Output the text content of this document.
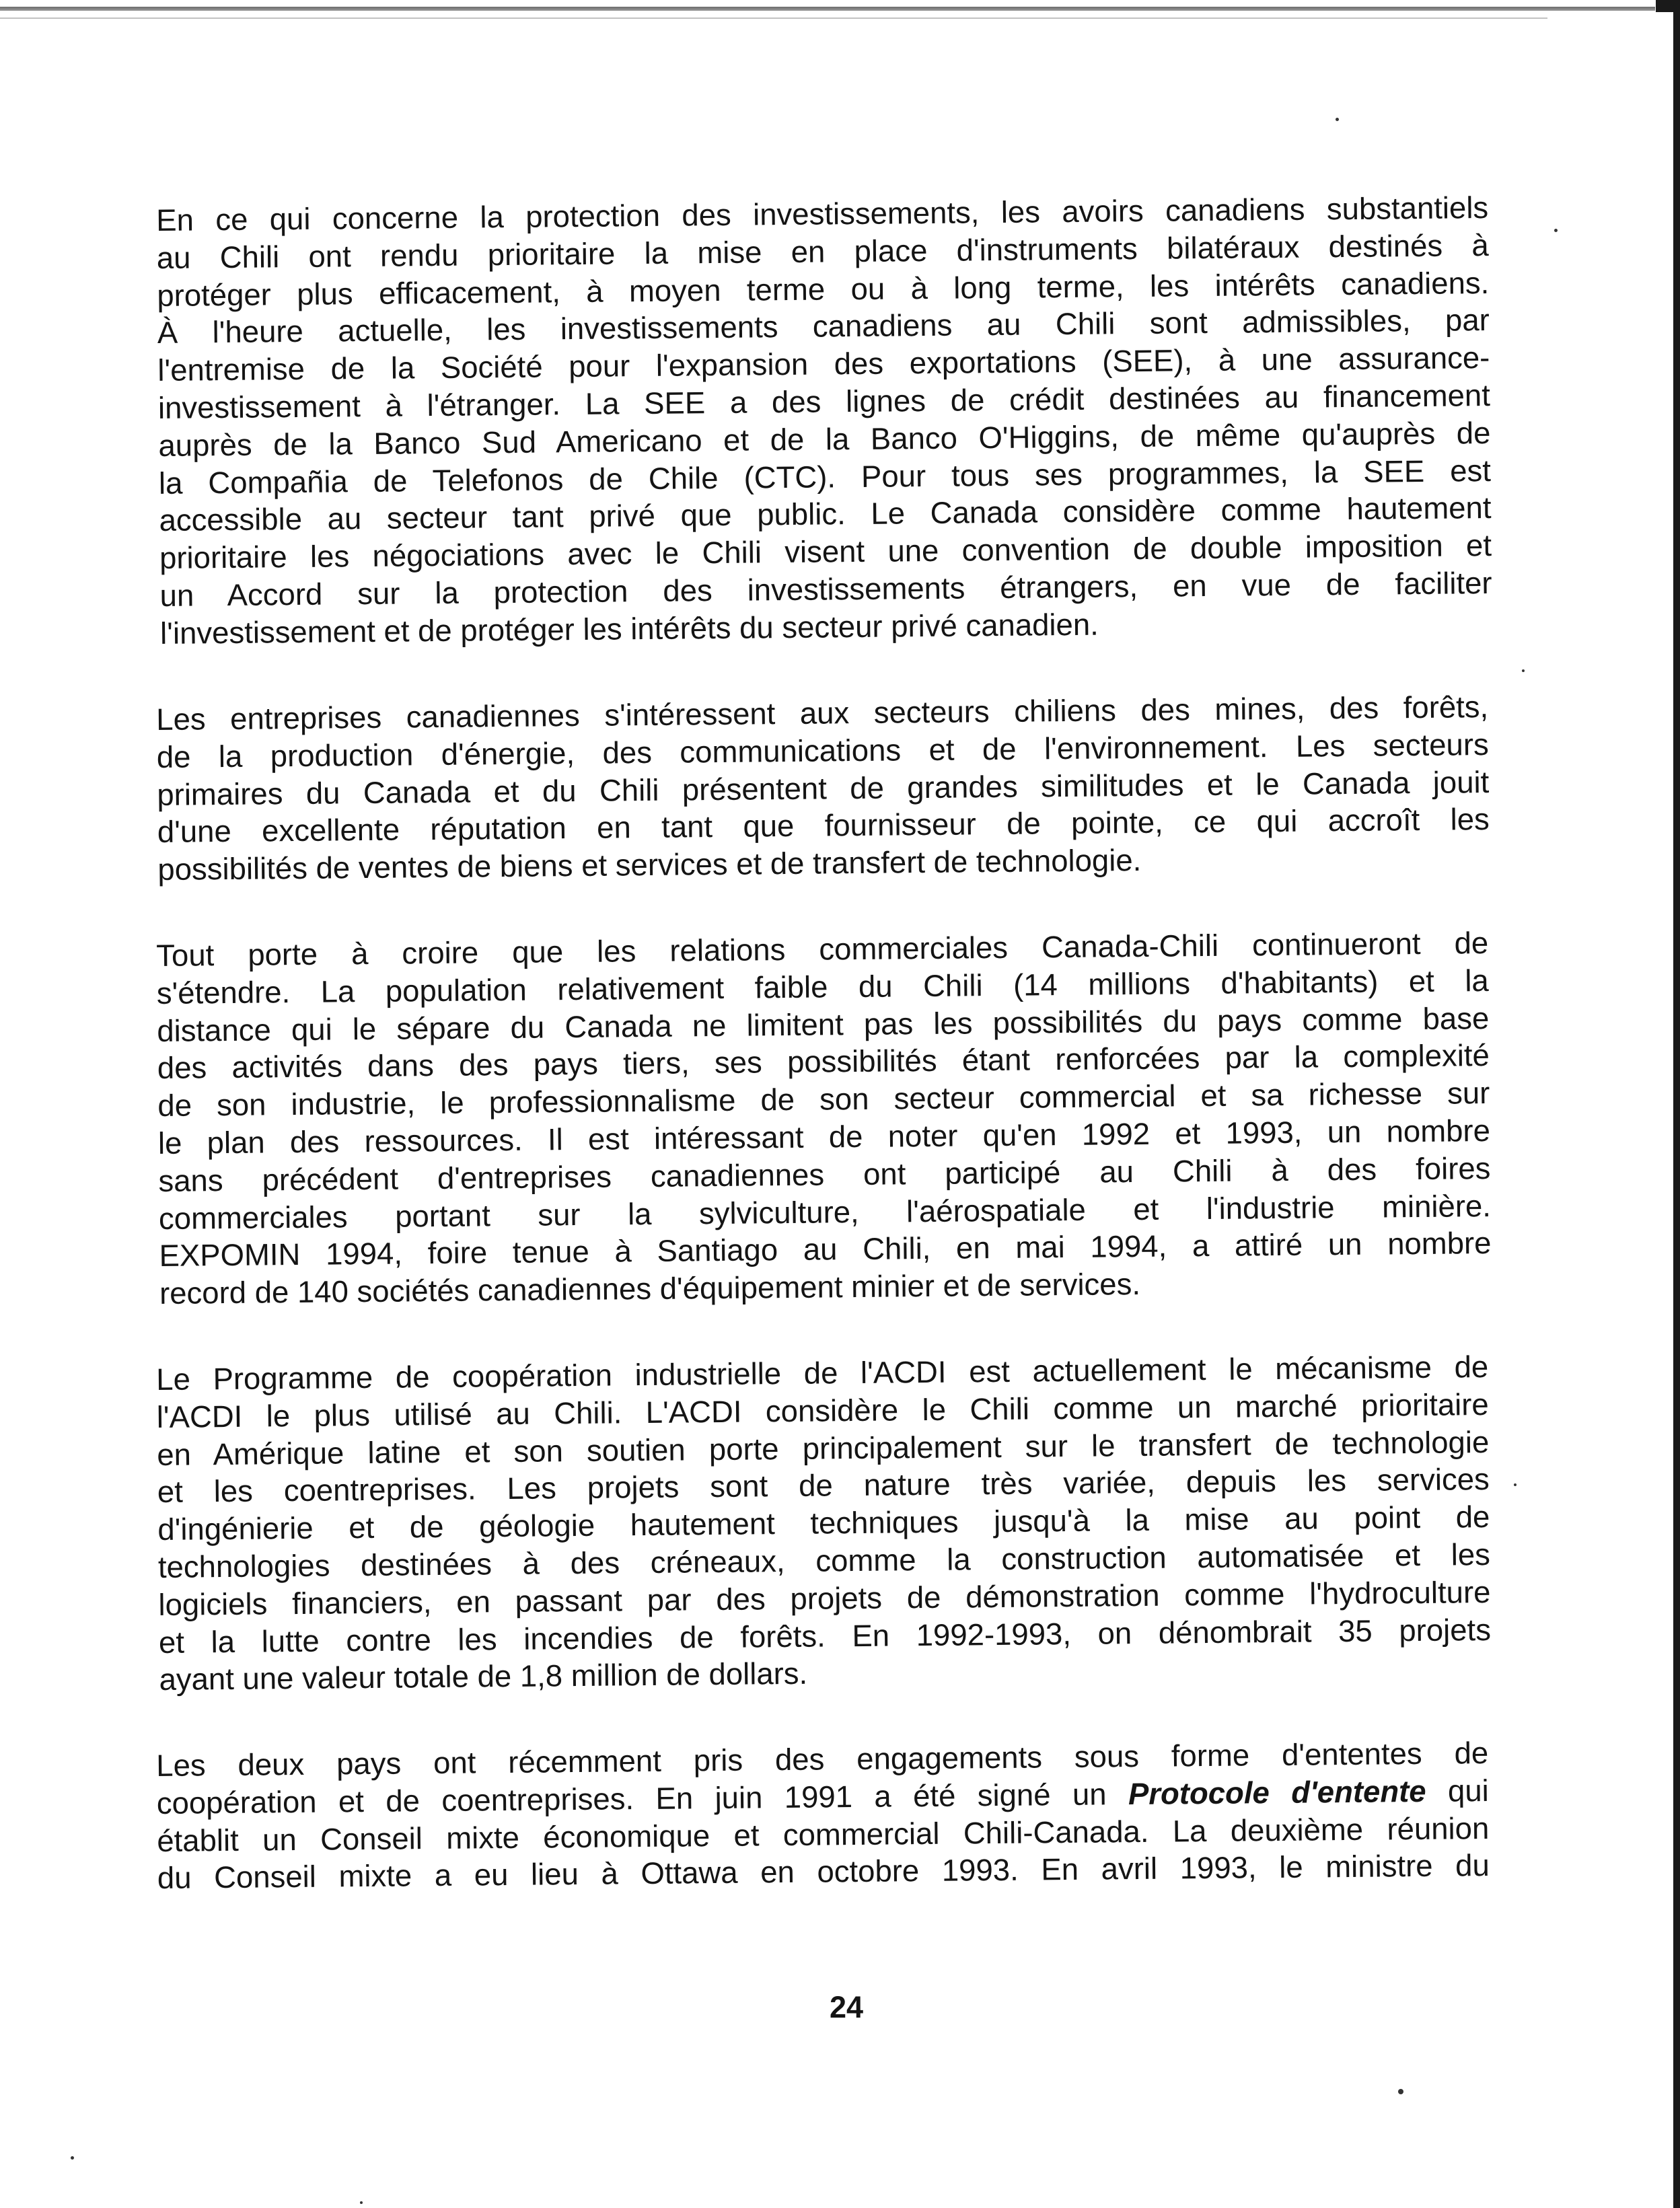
En ce qui concerne la protection des investissements, les avoirs canadiens substantiels
au Chili ont rendu prioritaire la mise en place d'instruments bilatéraux destinés à
protéger plus efficacement, à moyen terme ou à long terme, les intérêts canadiens.
À l'heure actuelle, les investissements canadiens au Chili sont admissibles, par
l'entremise de la Société pour l'expansion des exportations (SEE), à une assurance-
investissement à l'étranger. La SEE a des lignes de crédit destinées au financement
auprès de la Banco Sud Americano et de la Banco O'Higgins, de même qu'auprès de
la Compañia de Telefonos de Chile (CTC). Pour tous ses programmes, la SEE est
accessible au secteur tant privé que public. Le Canada considère comme hautement
prioritaire les négociations avec le Chili visent une convention de double imposition et
un Accord sur la protection des investissements étrangers, en vue de faciliter
l'investissement et de protéger les intérêts du secteur privé canadien.

Les entreprises canadiennes s'intéressent aux secteurs chiliens des mines, des forêts,
de la production d'énergie, des communications et de l'environnement. Les secteurs
primaires du Canada et du Chili présentent de grandes similitudes et le Canada jouit
d'une excellente réputation en tant que fournisseur de pointe, ce qui accroît les
possibilités de ventes de biens et services et de transfert de technologie.

Tout porte à croire que les relations commerciales Canada-Chili continueront de
s'étendre. La population relativement faible du Chili (14 millions d'habitants) et la
distance qui le sépare du Canada ne limitent pas les possibilités du pays comme base
des activités dans des pays tiers, ses possibilités étant renforcées par la complexité
de son industrie, le professionnalisme de son secteur commercial et sa richesse sur
le plan des ressources. Il est intéressant de noter qu'en 1992 et 1993, un nombre
sans précédent d'entreprises canadiennes ont participé au Chili à des foires
commerciales portant sur la sylviculture, l'aérospatiale et l'industrie minière.
EXPOMIN 1994, foire tenue à Santiago au Chili, en mai 1994, a attiré un nombre
record de 140 sociétés canadiennes d'équipement minier et de services.

Le Programme de coopération industrielle de l'ACDI est actuellement le mécanisme de
l'ACDI le plus utilisé au Chili. L'ACDI considère le Chili comme un marché prioritaire
en Amérique latine et son soutien porte principalement sur le transfert de technologie
et les coentreprises. Les projets sont de nature très variée, depuis les services
d'ingénierie et de géologie hautement techniques jusqu'à la mise au point de
technologies destinées à des créneaux, comme la construction automatisée et les
logiciels financiers, en passant par des projets de démonstration comme l'hydroculture
et la lutte contre les incendies de forêts. En 1992-1993, on dénombrait 35 projets
ayant une valeur totale de 1,8 million de dollars.

Les deux pays ont récemment pris des engagements sous forme d'ententes de
coopération et de coentreprises. En juin 1991 a été signé un Protocole d'entente qui
établit un Conseil mixte économique et commercial Chili-Canada. La deuxième réunion
du Conseil mixte a eu lieu à Ottawa en octobre 1993. En avril 1993, le ministre du

24
